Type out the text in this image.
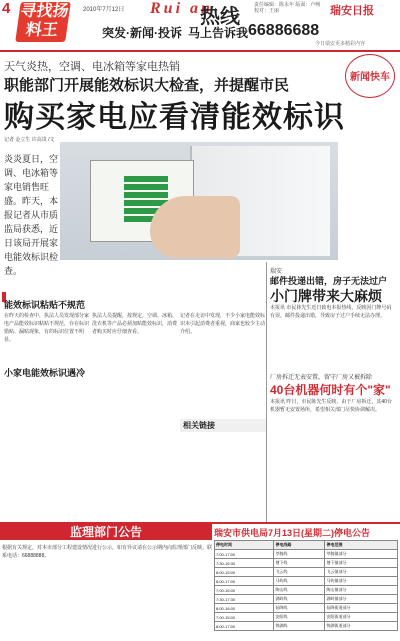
4 寻找扬料王
2010年7月12日 Rui an
热线
责任编辑：陈永年 版面：卢畅
校对：王丽	瑞安日报
突发·新闻·投诉 马上告诉我 66886688
今日瑞安更多精彩内容
新闻快车
天气炎热，空调、电冰箱等家电热销
职能部门开展能效标识大检查，并提醒市民
购买家电应看清能效标识
记者 金立生 许高岚 /文
炎炎夏日，空调、电冰箱等家电销售旺盛。昨天，本报记者从市质监局获悉，近日该局开展家电能效标识检查。
能效标识粘贴不规范
在昨天的检查中，执法人员发现部分家电产品能效标识粘贴不规范，存在标识错贴、漏贴现象，有的标识位置不明显。
执法人员提醒，按规定，空调、冰箱、洗衣机等产品必须加贴能效标识，消费者购买时应仔细查看。
记者在走访中发现，不少小家电能效标识未引起消费者重视，商家也较少主动介绍。
小家电能效标识遇冷
相关链接
瑞安
邮件投递出错，房子无法过户
小门牌带来大麻烦
本报讯 市民林先生近日致电本报热线，反映因门牌号码有误，邮件投递出错，导致房子过户手续无法办理。
厂房拆迁无表安置，留守厂房又被拆除
40台机器何时有个"家"
本报讯 昨日，市民陈先生反映，由于厂房拆迁，其40台机器暂无安置场所，希望相关部门尽快协调解决。
监理部门公告
根据有关规定，对本市部分工程建设情况进行公示，如有异议请在公示期内向监理部门反映。联系电话：66888888。
瑞安市供电局7月13日(星期二)停电公告
停电时间	停电线路	停电范围
7:00-17:00	莘塍线	莘塍镇部分
7:30-16:30	塘下线	塘下镇部分
8:00-15:00	飞云线	飞云镇部分
8:00-17:00	马屿线	马屿镇部分
7:00-16:00	陶山线	陶山镇部分
7:30-17:30	湖岭线	湖岭镇部分
8:00-16:00	仙降线	仙降街道部分
7:00-15:00	安阳线	安阳街道部分
8:00-17:00	锦湖线	锦湖街道部分
